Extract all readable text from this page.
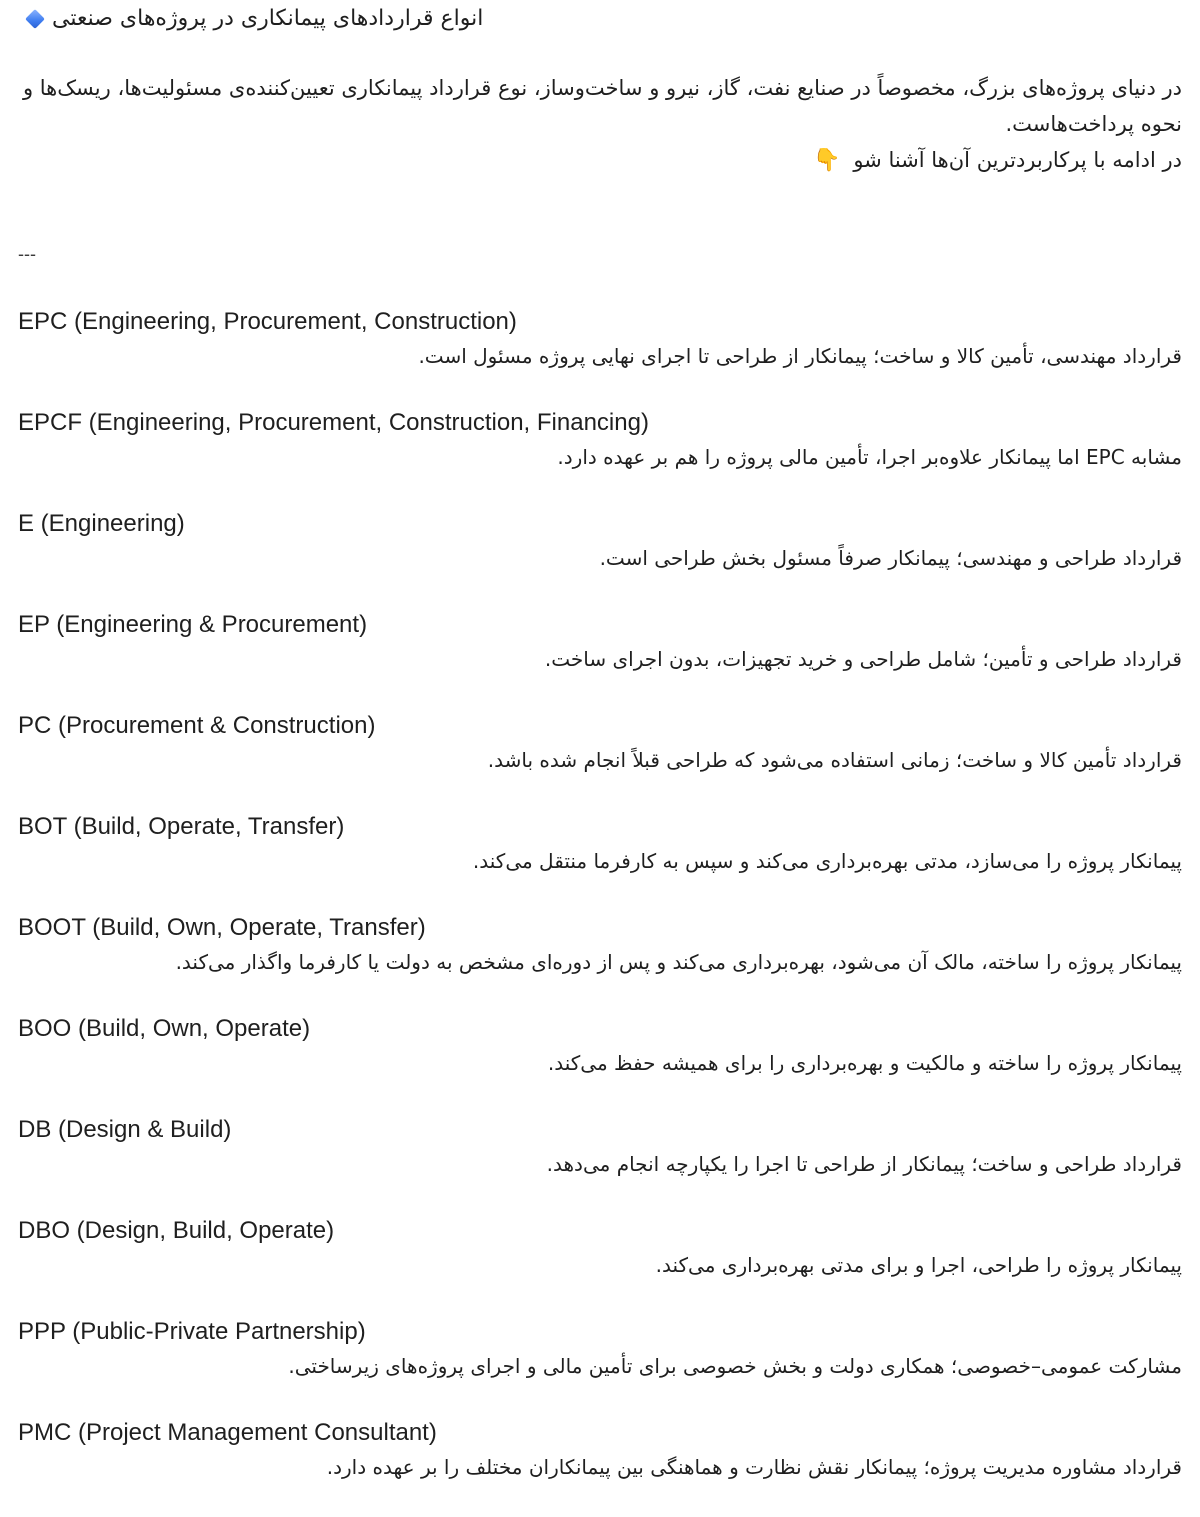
انواع قراردادهای پیمانکاری در پروژه‌های صنعتی

در دنیای پروژه‌های بزرگ، مخصوصاً در صنایع نفت، گاز، نیرو و ساخت‌وساز، نوع قرارداد پیمانکاری تعیین‌کننده‌ی مسئولیت‌ها، ریسک‌ها و نحوه پرداخت‌هاست.

در ادامه با پرکاربردترین آن‌ها آشنا شو 👇

---
EPC (Engineering, Procurement, Construction)
قرارداد مهندسی، تأمین کالا و ساخت؛ پیمانکار از طراحی تا اجرای نهایی پروژه مسئول است.
EPCF (Engineering, Procurement, Construction, Financing)
مشابه EPC اما پیمانکار علاوه‌بر اجرا، تأمین مالی پروژه را هم بر عهده دارد.
E (Engineering)
قرارداد طراحی و مهندسی؛ پیمانکار صرفاً مسئول بخش طراحی است.
EP (Engineering & Procurement)
قرارداد طراحی و تأمین؛ شامل طراحی و خرید تجهیزات، بدون اجرای ساخت.
PC (Procurement & Construction)
قرارداد تأمین کالا و ساخت؛ زمانی استفاده می‌شود که طراحی قبلاً انجام شده باشد.
BOT (Build, Operate, Transfer)
پیمانکار پروژه را می‌سازد، مدتی بهره‌برداری می‌کند و سپس به کارفرما منتقل می‌کند.
BOOT (Build, Own, Operate, Transfer)
پیمانکار پروژه را ساخته، مالک آن می‌شود، بهره‌برداری می‌کند و پس از دوره‌ای مشخص به دولت یا کارفرما واگذار می‌کند.
BOO (Build, Own, Operate)
پیمانکار پروژه را ساخته و مالکیت و بهره‌برداری را برای همیشه حفظ می‌کند.
DB (Design & Build)
قرارداد طراحی و ساخت؛ پیمانکار از طراحی تا اجرا را یکپارچه انجام می‌دهد.
DBO (Design, Build, Operate)
پیمانکار پروژه را طراحی، اجرا و برای مدتی بهره‌برداری می‌کند.
PPP (Public-Private Partnership)
مشارکت عمومی–خصوصی؛ همکاری دولت و بخش خصوصی برای تأمین مالی و اجرای پروژه‌های زیرساختی.
PMC (Project Management Consultant)
قرارداد مشاوره مدیریت پروژه؛ پیمانکار نقش نظارت و هماهنگی بین پیمانکاران مختلف را بر عهده دارد.
